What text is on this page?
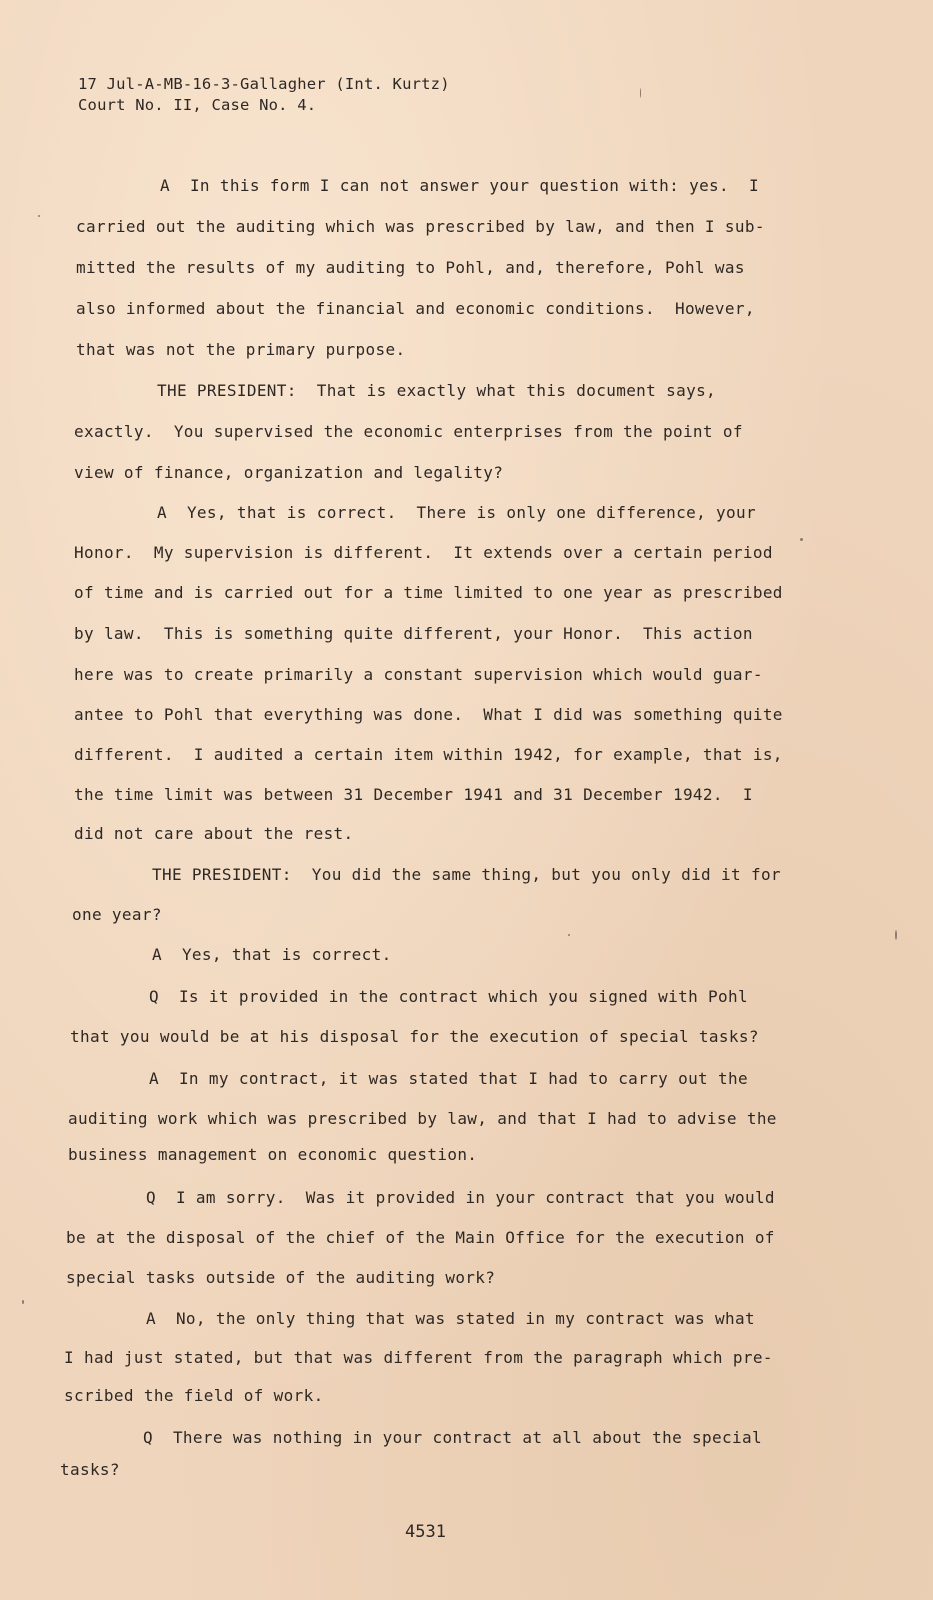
17 Jul-A-MB-16-3-Gallagher (Int. Kurtz)
Court No. II, Case No. 4.
A  In this form I can not answer your question with: yes.  I
carried out the auditing which was prescribed by law, and then I sub-
mitted the results of my auditing to Pohl, and, therefore, Pohl was
also informed about the financial and economic conditions.  However,
that was not the primary purpose.
THE PRESIDENT:  That is exactly what this document says,
exactly.  You supervised the economic enterprises from the point of
view of finance, organization and legality?
A  Yes, that is correct.  There is only one difference, your
Honor.  My supervision is different.  It extends over a certain period
of time and is carried out for a time limited to one year as prescribed
by law.  This is something quite different, your Honor.  This action
here was to create primarily a constant supervision which would guar-
antee to Pohl that everything was done.  What I did was something quite
different.  I audited a certain item within 1942, for example, that is,
the time limit was between 31 December 1941 and 31 December 1942.  I
did not care about the rest.
THE PRESIDENT:  You did the same thing, but you only did it for
one year?
A  Yes, that is correct.
Q  Is it provided in the contract which you signed with Pohl
that you would be at his disposal for the execution of special tasks?
A  In my contract, it was stated that I had to carry out the
auditing work which was prescribed by law, and that I had to advise the
business management on economic question.
Q  I am sorry.  Was it provided in your contract that you would
be at the disposal of the chief of the Main Office for the execution of
special tasks outside of the auditing work?
A  No, the only thing that was stated in my contract was what
I had just stated, but that was different from the paragraph which pre-
scribed the field of work.
Q  There was nothing in your contract at all about the special
tasks?
4531
